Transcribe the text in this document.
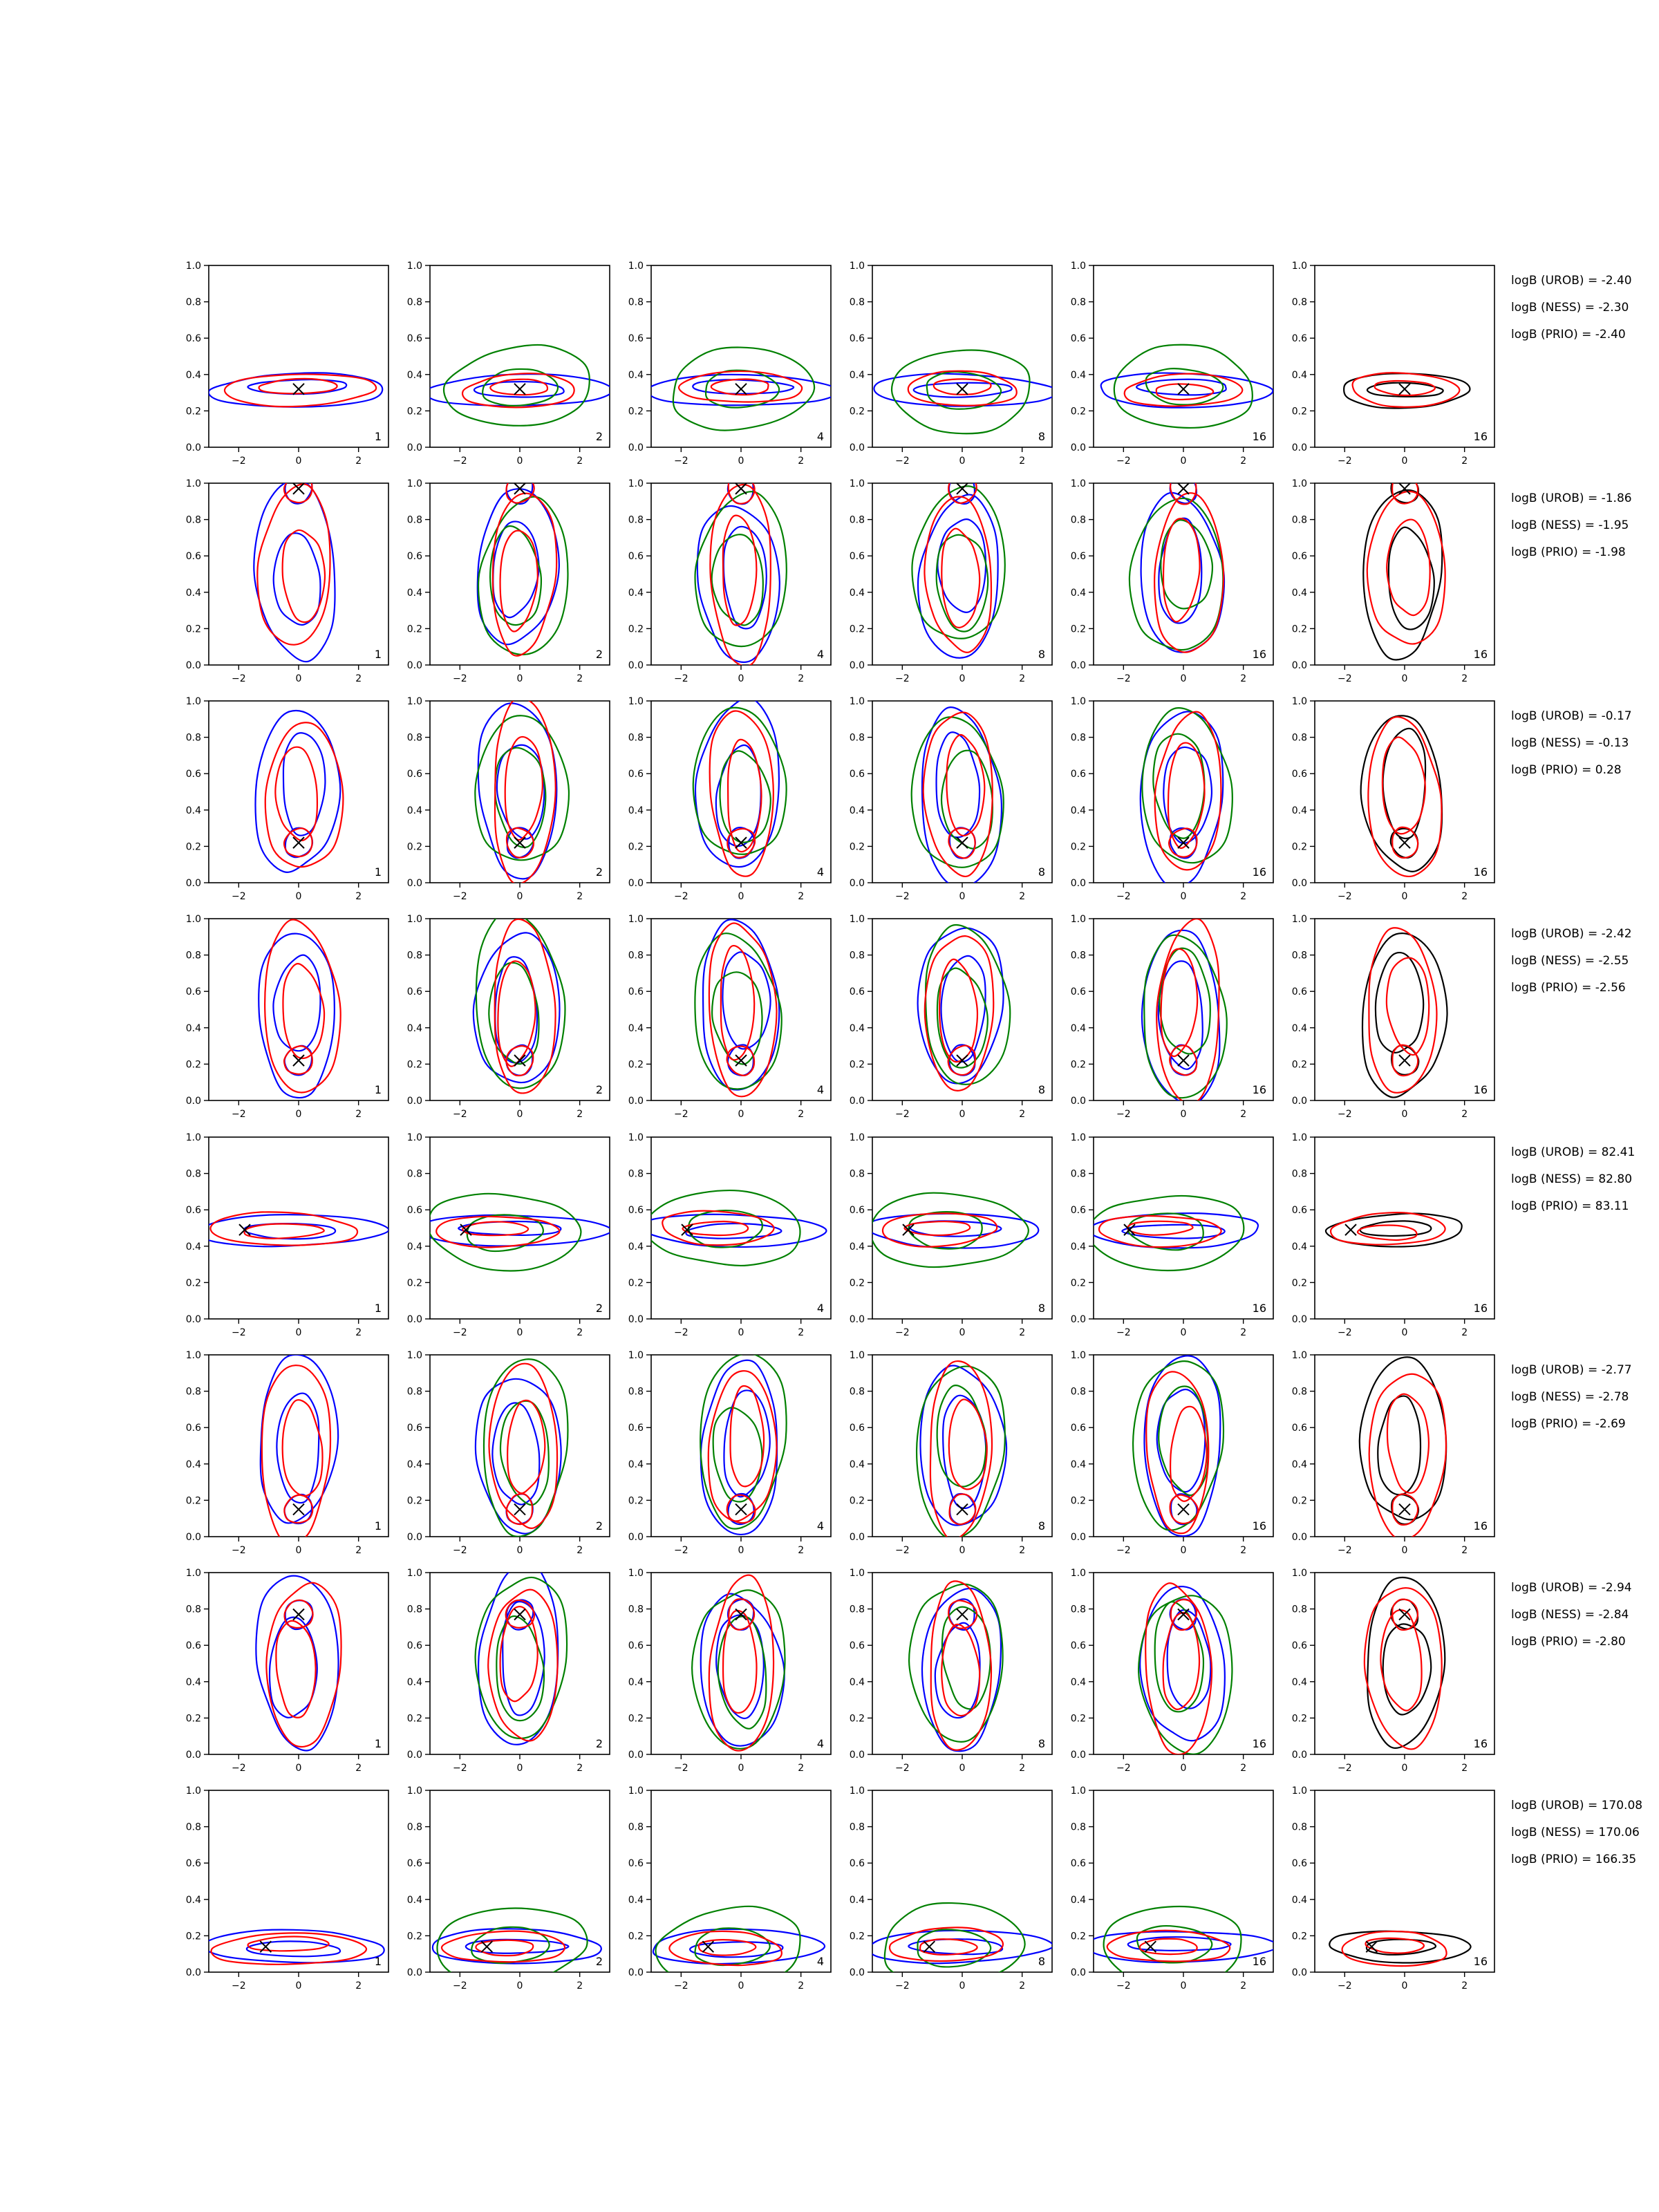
−2	0	2
0.0
0.2
0.4
0.6
0.8
1.0
1
−2	0	2
0.0
0.2
0.4
0.6
0.8
1.0
2
−2	0	2
0.0
0.2
0.4
0.6
0.8
1.0
4
−2	0	2
0.0
0.2
0.4
0.6
0.8
1.0
8
−2	0	2
0.0
0.2
0.4
0.6
0.8
1.0
16
−2	0	2
0.0
0.2
0.4
0.6
0.8
1.0
16
logB (UROB) = -2.40
logB (NESS) = -2.30
logB (PRIO) = -2.40
−2	0	2
0.0
0.2
0.4
0.6
0.8
1.0
1
−2	0	2
0.0
0.2
0.4
0.6
0.8
1.0
2
−2	0	2
0.0
0.2
0.4
0.6
0.8
1.0
4
−2	0	2
0.0
0.2
0.4
0.6
0.8
1.0
8
−2	0	2
0.0
0.2
0.4
0.6
0.8
1.0
16
−2	0	2
0.0
0.2
0.4
0.6
0.8
1.0
16
logB (UROB) = -1.86
logB (NESS) = -1.95
logB (PRIO) = -1.98
−2	0	2
0.0
0.2
0.4
0.6
0.8
1.0
1
−2	0	2
0.0
0.2
0.4
0.6
0.8
1.0
2
−2	0	2
0.0
0.2
0.4
0.6
0.8
1.0
4
−2	0	2
0.0
0.2
0.4
0.6
0.8
1.0
8
−2	0	2
0.0
0.2
0.4
0.6
0.8
1.0
16
−2	0	2
0.0
0.2
0.4
0.6
0.8
1.0
16
logB (UROB) = -0.17
logB (NESS) = -0.13
logB (PRIO) = 0.28
−2	0	2
0.0
0.2
0.4
0.6
0.8
1.0
1
−2	0	2
0.0
0.2
0.4
0.6
0.8
1.0
2
−2	0	2
0.0
0.2
0.4
0.6
0.8
1.0
4
−2	0	2
0.0
0.2
0.4
0.6
0.8
1.0
8
−2	0	2
0.0
0.2
0.4
0.6
0.8
1.0
16
−2	0	2
0.0
0.2
0.4
0.6
0.8
1.0
16
logB (UROB) = -2.42
logB (NESS) = -2.55
logB (PRIO) = -2.56
−2	0	2
0.0
0.2
0.4
0.6
0.8
1.0
1
−2	0	2
0.0
0.2
0.4
0.6
0.8
1.0
2
−2	0	2
0.0
0.2
0.4
0.6
0.8
1.0
4
−2	0	2
0.0
0.2
0.4
0.6
0.8
1.0
8
−2	0	2
0.0
0.2
0.4
0.6
0.8
1.0
16
−2	0	2
0.0
0.2
0.4
0.6
0.8
1.0
16
logB (UROB) = 82.41
logB (NESS) = 82.80
logB (PRIO) = 83.11
−2	0	2
0.0
0.2
0.4
0.6
0.8
1.0
1
−2	0	2
0.0
0.2
0.4
0.6
0.8
1.0
2
−2	0	2
0.0
0.2
0.4
0.6
0.8
1.0
4
−2	0	2
0.0
0.2
0.4
0.6
0.8
1.0
8
−2	0	2
0.0
0.2
0.4
0.6
0.8
1.0
16
−2	0	2
0.0
0.2
0.4
0.6
0.8
1.0
16
logB (UROB) = -2.77
logB (NESS) = -2.78
logB (PRIO) = -2.69
−2	0	2
0.0
0.2
0.4
0.6
0.8
1.0
1
−2	0	2
0.0
0.2
0.4
0.6
0.8
1.0
2
−2	0	2
0.0
0.2
0.4
0.6
0.8
1.0
4
−2	0	2
0.0
0.2
0.4
0.6
0.8
1.0
8
−2	0	2
0.0
0.2
0.4
0.6
0.8
1.0
16
−2	0	2
0.0
0.2
0.4
0.6
0.8
1.0
16
logB (UROB) = -2.94
logB (NESS) = -2.84
logB (PRIO) = -2.80
−2	0	2
0.0
0.2
0.4
0.6
0.8
1.0
1
−2	0	2
0.0
0.2
0.4
0.6
0.8
1.0
2
−2	0	2
0.0
0.2
0.4
0.6
0.8
1.0
4
−2	0	2
0.0
0.2
0.4
0.6
0.8
1.0
8
−2	0	2
0.0
0.2
0.4
0.6
0.8
1.0
16
−2	0	2
0.0
0.2
0.4
0.6
0.8
1.0
16
logB (UROB) = 170.08
logB (NESS) = 170.06
logB (PRIO) = 166.35
